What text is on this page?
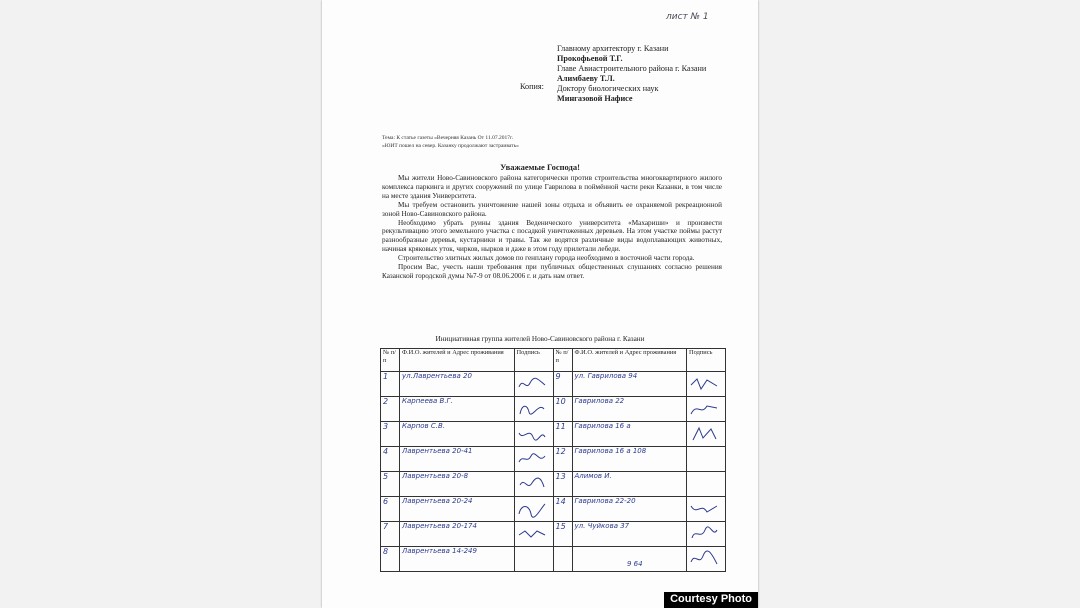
лист № 1
Главному архитектору г. Казани
Прокофьевой Т.Г.
Главе Авиастроительного района г. Казани
Алимбаеву Т.Л.
Копия: Доктору биологических наук
Мингазовой Нафисе
Тема: К статье газеты «Вечерняя Казань От 11.07.2017г.
«ЮИТ пошел на север. Казанку продолжают застраивать»
Уважаемые Господа!

Мы жители Ново-Савиновского района категорически против строительства многоквартирного жилого комплекса паркинга и других сооружений по улице Гаврилова в поймённой части реки Казанки, в том числе на месте здания Университета.

Мы требуем остановить уничтожение нашей зоны отдыха и объявить ее охраняемой рекреационной зоной Ново-Савиновского района.

Необходимо убрать руины здания Веденического университета «Махариши» и произвести рекультивацию этого земельного участка с посадкой уничтоженных деревьев. На этом участке поймы растут разнообразные деревья, кустарники и травы. Так же водятся различные виды водоплавающих животных, начиная кряковых уток, чирков, нырков и даже в этом году прилетали лебеди.

Строительство элитных жилых домов по генплану города необходимо в восточной части города.

Просим Вас, учесть наши требования при публичных общественных слушаниях согласно решения Казанской городской думы №7-9 от 08.06.2006 г. и дать нам ответ.

Инициативная группа жителей Ново-Савиновского района г. Казани
№ п/п	Ф.И.О. жителей и Адрес проживания	Подпись	№ п/п	Ф.И.О. жителей и Адрес проживания	Подпись
1	ул.Лаврентьева 20		9	ул. Гаврилова 94	

2	Карпеева В.Г.		10	Гаврилова 22	

3	Карпов С.В.		11	Гаврилова 16 а	

4	Лаврентьева 20-41		12	Гаврилова 16 а 108	
5	Лаврентьева 20-8		13	Алимов И.	
6	Лаврентьева 20-24		14	Гаврилова 22-20	

7	Лаврентьева 20-174		15	ул. Чуйкова 37	

8	Лаврентьева 14-249				
9 64
Courtesy Photo
